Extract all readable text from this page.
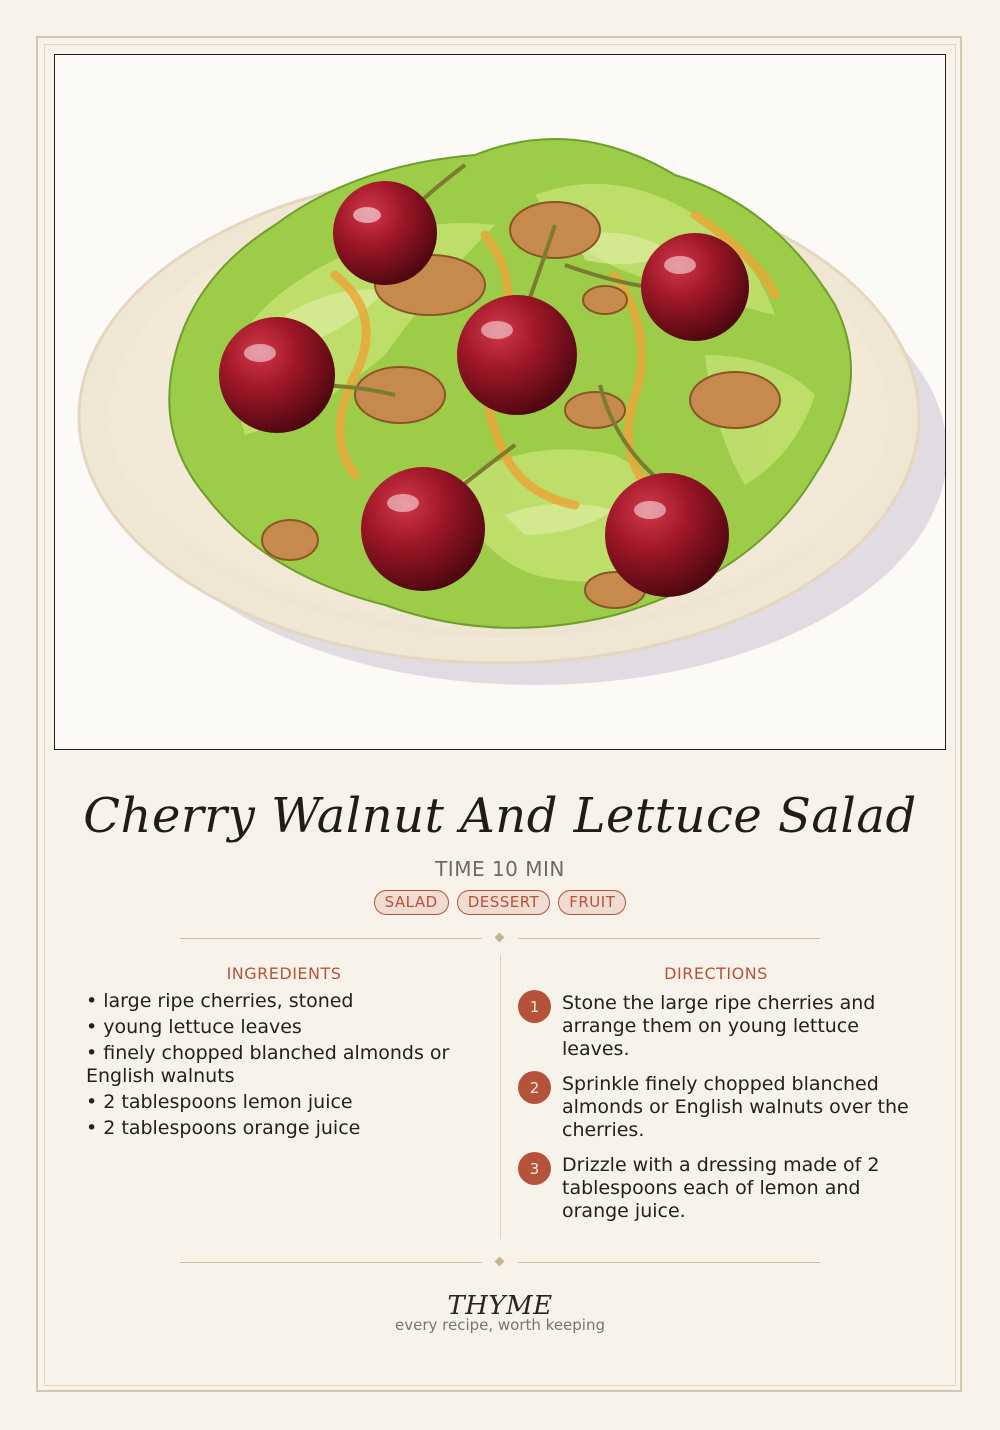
Cherry Walnut And Lettuce Salad
TIME 10 MIN
SALAD	DESSERT	FRUIT
INGREDIENTS	DIRECTIONS
• large ripe cherries, stoned
• young lettuce leaves
• finely chopped blanched almonds or English walnuts
• 2 tablespoons lemon juice
• 2 tablespoons orange juice
1	Stone the large ripe cherries and arrange them on young lettuce leaves.
2	Sprinkle finely chopped blanched almonds or English walnuts over the cherries.
3	Drizzle with a dressing made of 2 tablespoons each of lemon and orange juice.
THYME
every recipe, worth keeping
